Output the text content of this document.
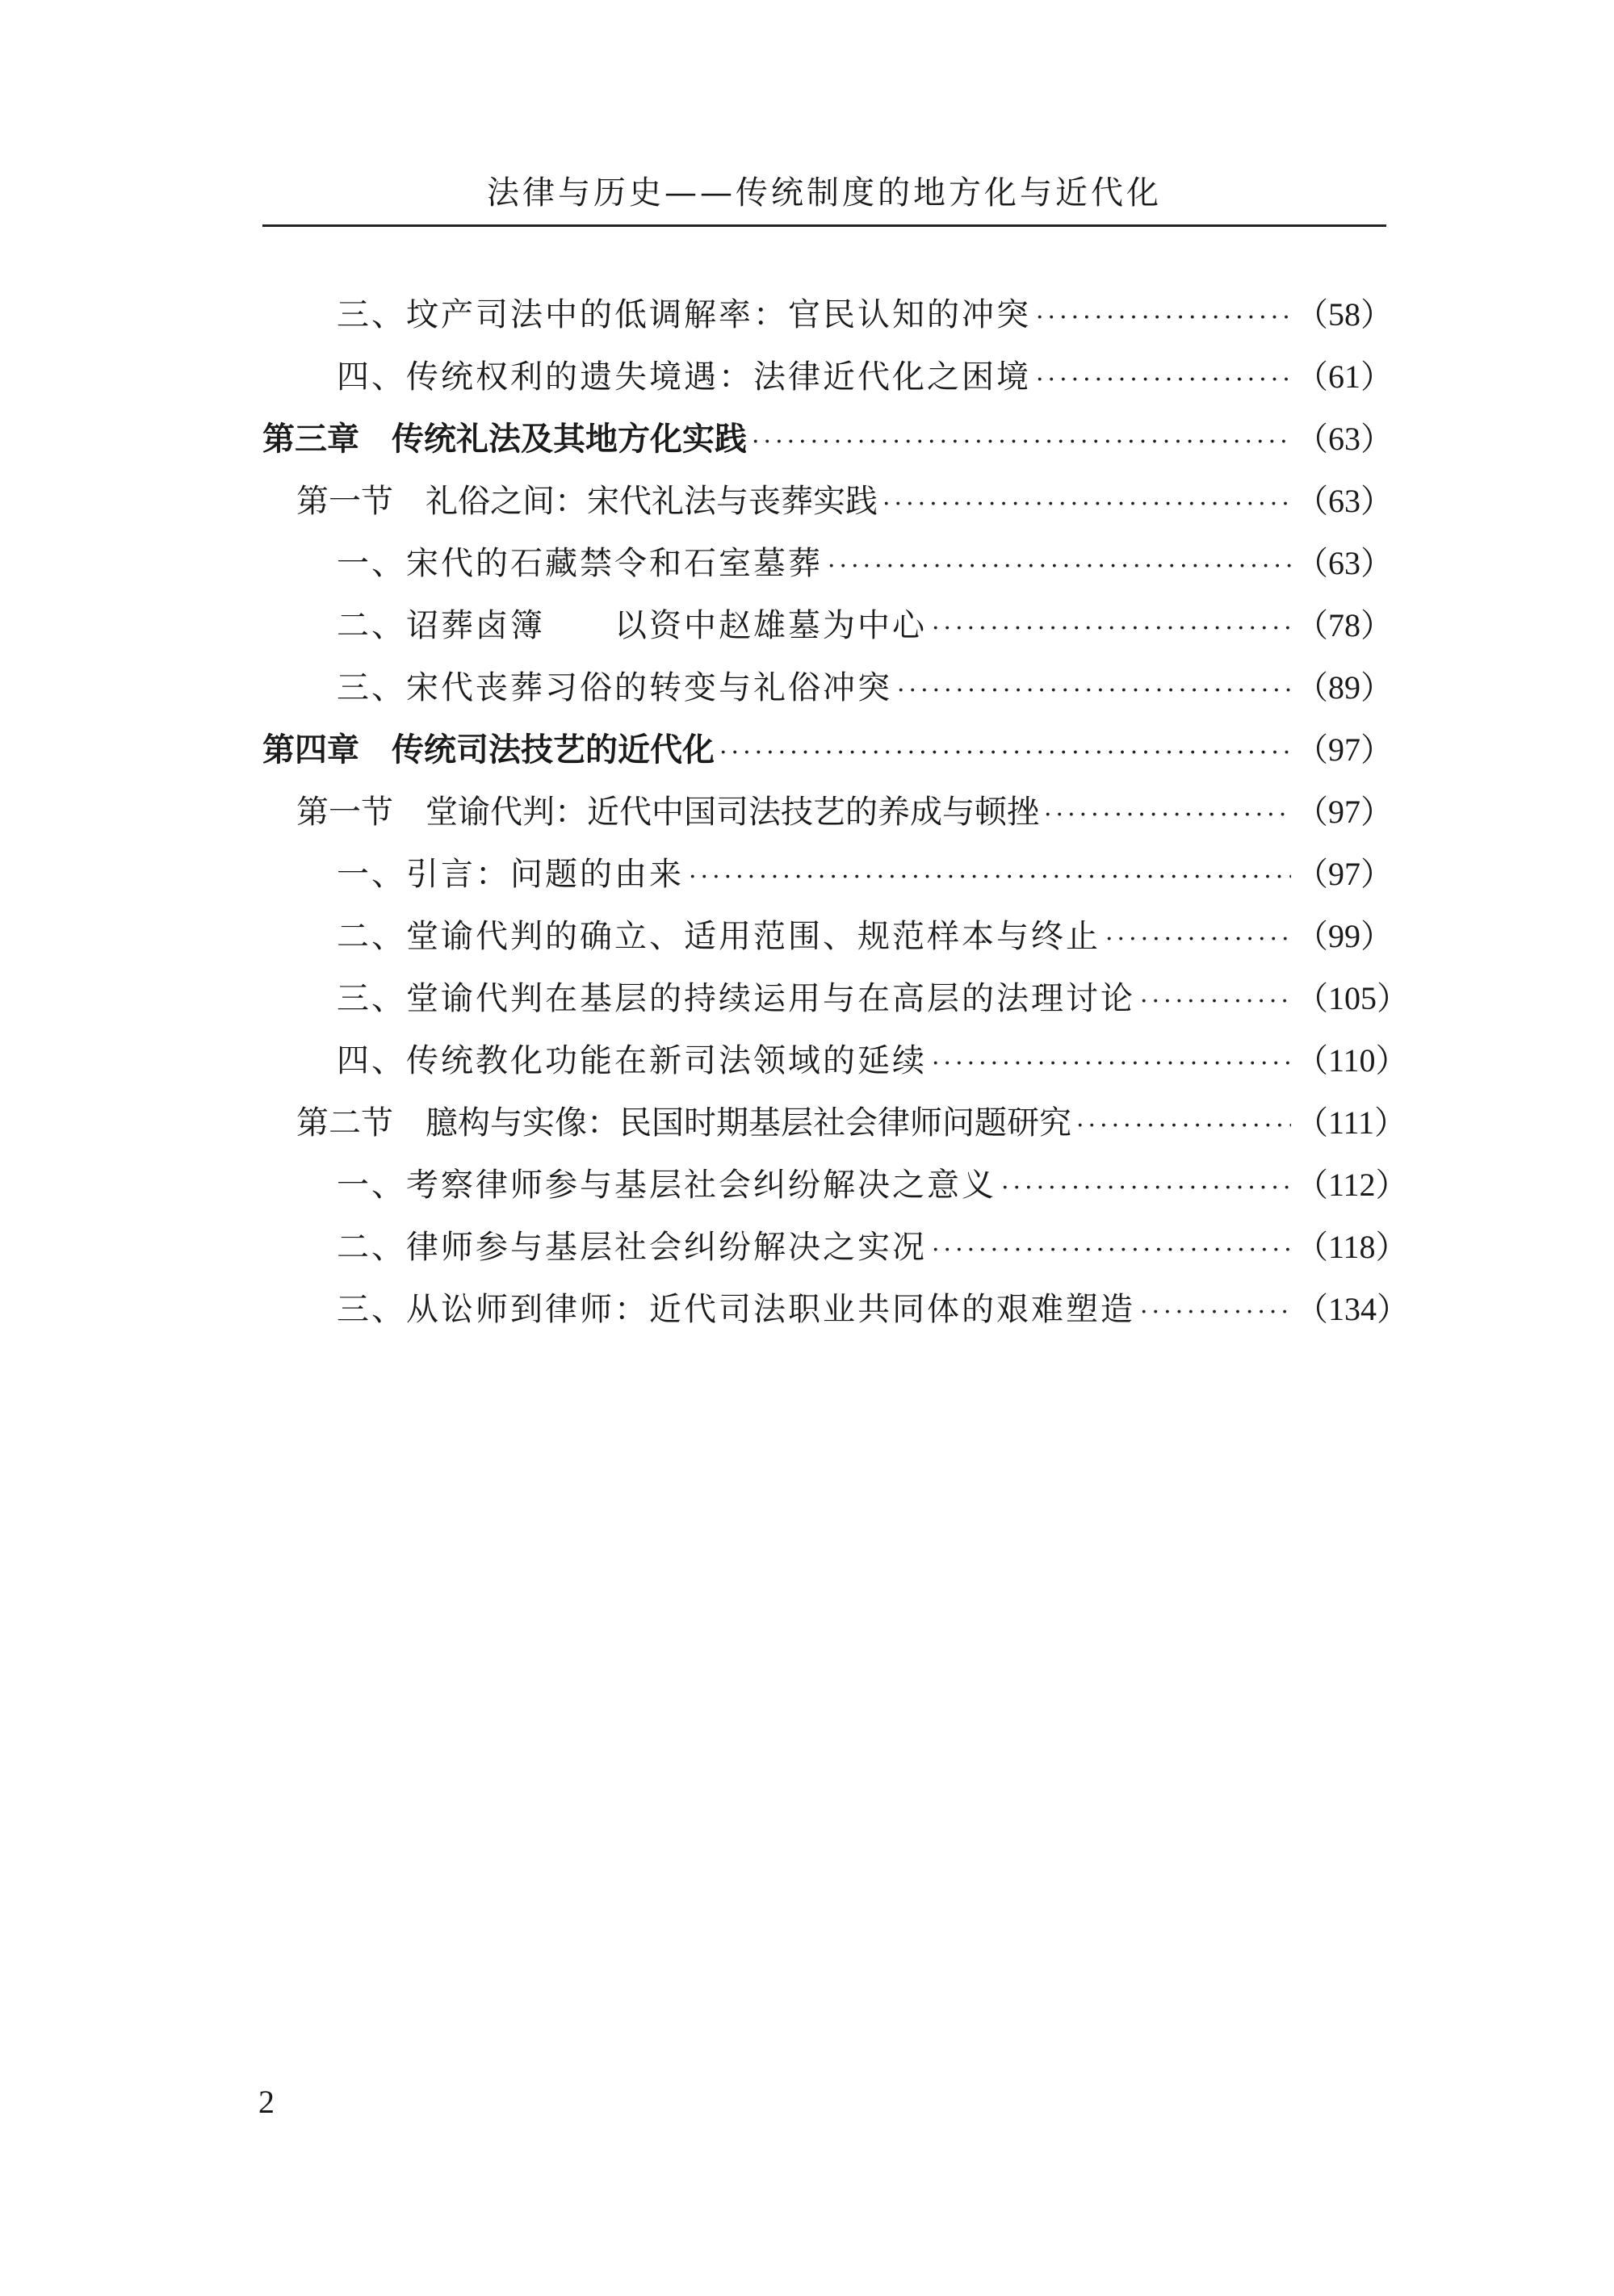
法律与历史——传统制度的地方化与近代化
三、坟产司法中的低调解率：官民认知的冲突 ·····	（58）
四、传统权利的遗失境遇：法律近代化之困境 ·····	（61）
第三章　传统礼法及其地方化实践 ·····	（63）
第一节　礼俗之间：宋代礼法与丧葬实践 ·····	（63）
一、宋代的石藏禁令和石室墓葬 ·····	（63）
二、诏葬卤簿　　以资中赵雄墓为中心 ·····	（78）
三、宋代丧葬习俗的转变与礼俗冲突 ·····	（89）
第四章　传统司法技艺的近代化 ·····	（97）
第一节　堂谕代判：近代中国司法技艺的养成与顿挫 ·····	（97）
一、引言：问题的由来 ·····	（97）
二、堂谕代判的确立、适用范围、规范样本与终止 ·····	（99）
三、堂谕代判在基层的持续运用与在高层的法理讨论 ·····	（105）
四、传统教化功能在新司法领域的延续 ·····	（110）
第二节　臆构与实像：民国时期基层社会律师问题研究 ·····	（111）
一、考察律师参与基层社会纠纷解决之意义 ·····	（112）
二、律师参与基层社会纠纷解决之实况 ·····	（118）
三、从讼师到律师：近代司法职业共同体的艰难塑造 ·····	（134）
2
